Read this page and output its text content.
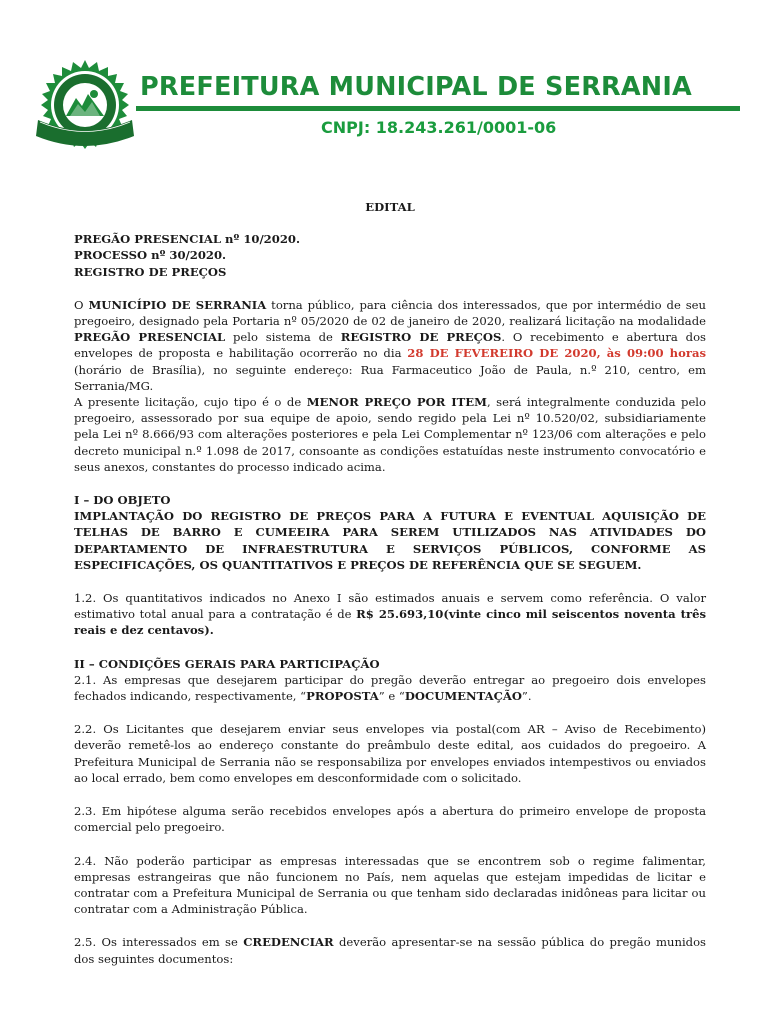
PREFEITURA MUNICIPAL DE SERRANIA
CNPJ: 18.243.261/0001-06

EDITAL

PREGÃO PRESENCIAL nº 10/2020.

PROCESSO nº 30/2020.

REGISTRO DE PREÇOS

O MUNICÍPIO DE SERRANIA torna público, para ciência dos interessados, que por intermédio de seu pregoeiro, designado pela Portaria nº 05/2020 de 02 de janeiro de 2020, realizará licitação na modalidade PREGÃO PRESENCIAL pelo sistema de REGISTRO DE PREÇOS. O recebimento e abertura dos envelopes de proposta e habilitação ocorrerão no dia 28 DE FEVEREIRO DE 2020, às 09:00 horas (horário de Brasília), no seguinte endereço: Rua Farmaceutico João de Paula, n.º 210, centro, em Serrania/MG.

A presente licitação, cujo tipo é o de MENOR PREÇO POR ITEM, será integralmente conduzida pelo pregoeiro, assessorado por sua equipe de apoio, sendo regido pela Lei nº 10.520/02, subsidiariamente pela Lei nº 8.666/93 com alterações posteriores e pela Lei Complementar nº 123/06 com alterações e pelo decreto municipal n.º 1.098 de 2017, consoante as condições estatuídas neste instrumento convocatório e seus anexos, constantes do processo indicado acima.

I – DO OBJETO

IMPLANTAÇÃO DO REGISTRO DE PREÇOS PARA A FUTURA E EVENTUAL AQUISIÇÃO DE TELHAS DE BARRO E CUMEEIRA PARA SEREM UTILIZADOS NAS ATIVIDADES DO DEPARTAMENTO DE INFRAESTRUTURA E SERVIÇOS PÚBLICOS, CONFORME AS ESPECIFICAÇÕES, OS QUANTITATIVOS E PREÇOS DE REFERÊNCIA QUE SE SEGUEM.

1.2. Os quantitativos indicados no Anexo I são estimados anuais e servem como referência. O valor estimativo total anual para a contratação é de R$ 25.693,10(vinte cinco mil seiscentos noventa três reais e dez centavos).

II – CONDIÇÕES GERAIS PARA PARTICIPAÇÃO

2.1. As empresas que desejarem participar do pregão deverão entregar ao pregoeiro dois envelopes fechados indicando, respectivamente, “PROPOSTA” e “DOCUMENTAÇÃO”.

2.2. Os Licitantes que desejarem enviar seus envelopes via postal(com AR – Aviso de Recebimento) deverão remetê-los ao endereço constante do preâmbulo deste edital, aos cuidados do pregoeiro. A Prefeitura Municipal de Serrania não se responsabiliza por envelopes enviados intempestivos ou enviados ao local errado, bem como envelopes em desconformidade com o solicitado.

2.3. Em hipótese alguma serão recebidos envelopes após a abertura do primeiro envelope de proposta comercial pelo pregoeiro.

2.4. Não poderão participar as empresas interessadas que se encontrem sob o regime falimentar, empresas estrangeiras que não funcionem no País, nem aquelas que estejam impedidas de licitar e contratar com a Prefeitura Municipal de Serrania ou que tenham sido declaradas inidôneas para licitar ou contratar com a Administração Pública.

2.5. Os interessados em se CREDENCIAR deverão apresentar-se na sessão pública do pregão munidos dos seguintes documentos:
